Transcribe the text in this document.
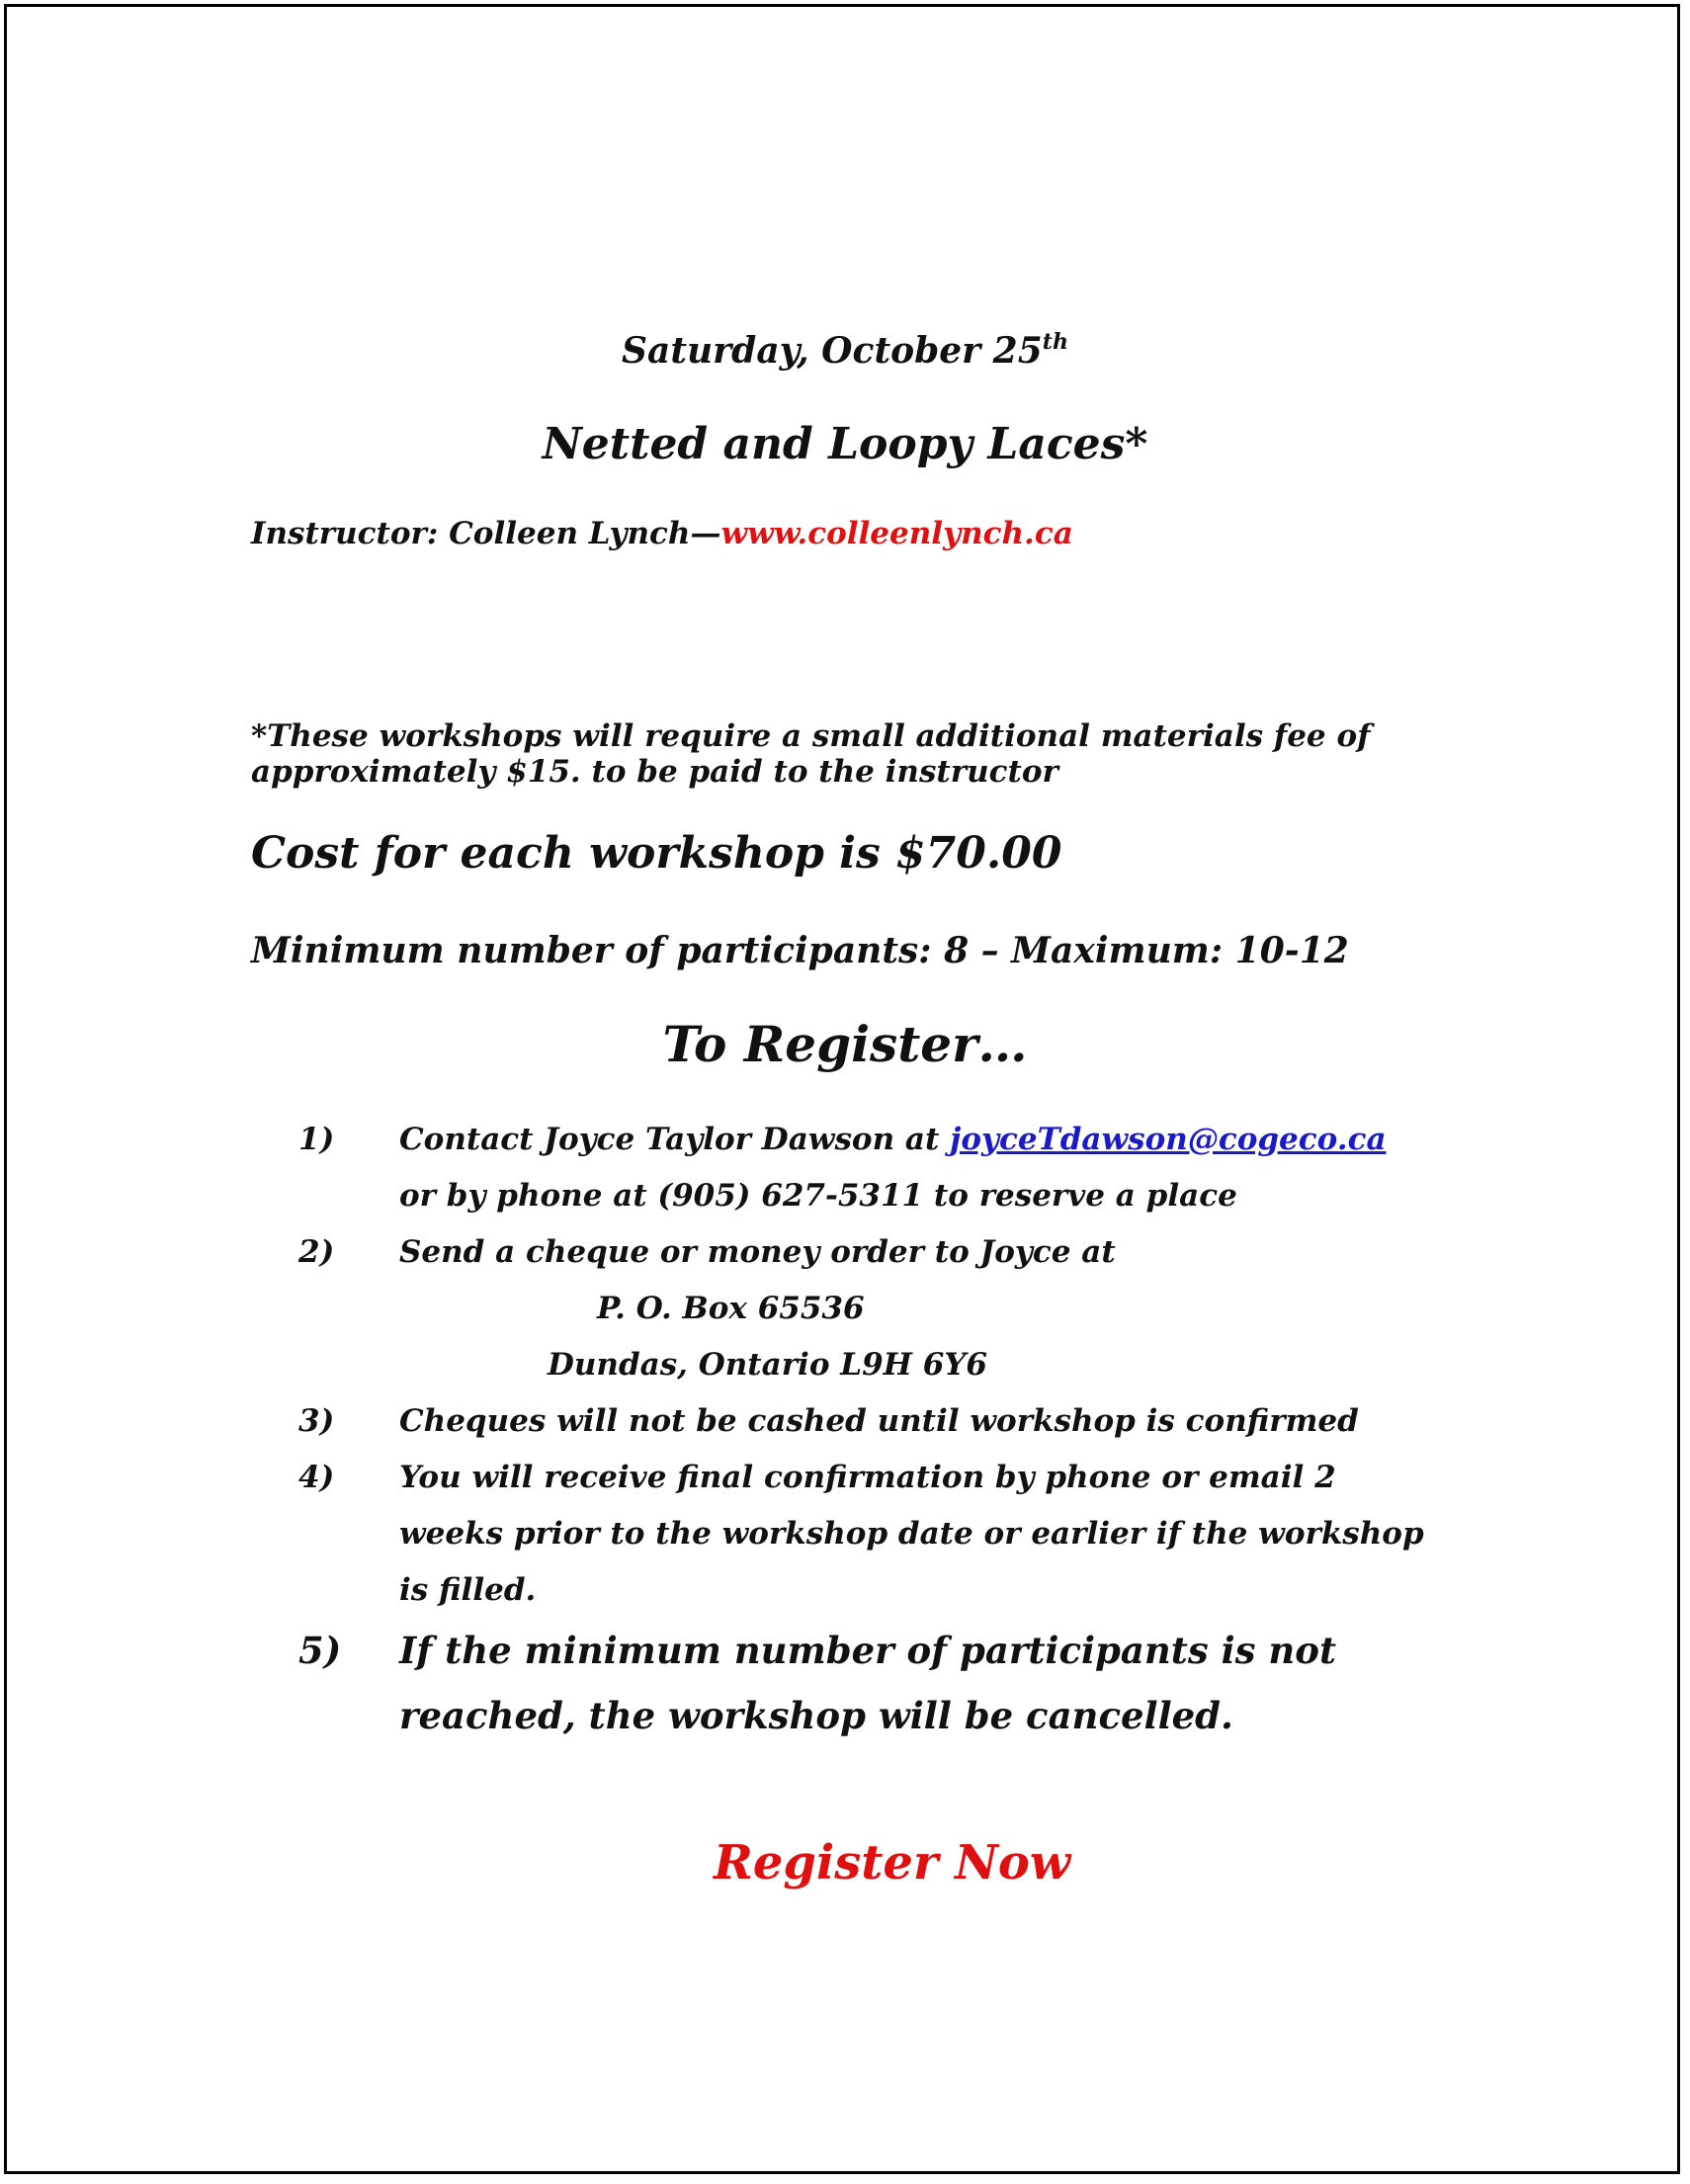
Saturday, October 25th
Netted and Loopy Laces*
Instructor: Colleen Lynch—www.colleenlynch.ca
*These workshops will require a small additional materials fee of
approximately $15. to be paid to the instructor
Cost for each workshop is $70.00
Minimum number of participants: 8 – Maximum: 10-12
To Register…
1) Contact Joyce Taylor Dawson at joyceTdawson@cogeco.ca
or by phone at (905) 627-5311 to reserve a place
2) Send a cheque or money order to Joyce at
P. O. Box 65536
Dundas, Ontario L9H 6Y6
3) Cheques will not be cashed until workshop is confirmed
4) You will receive final confirmation by phone or email 2
weeks prior to the workshop date or earlier if the workshop
is filled.
5) If the minimum number of participants is not
reached, the workshop will be cancelled.
Register Now
